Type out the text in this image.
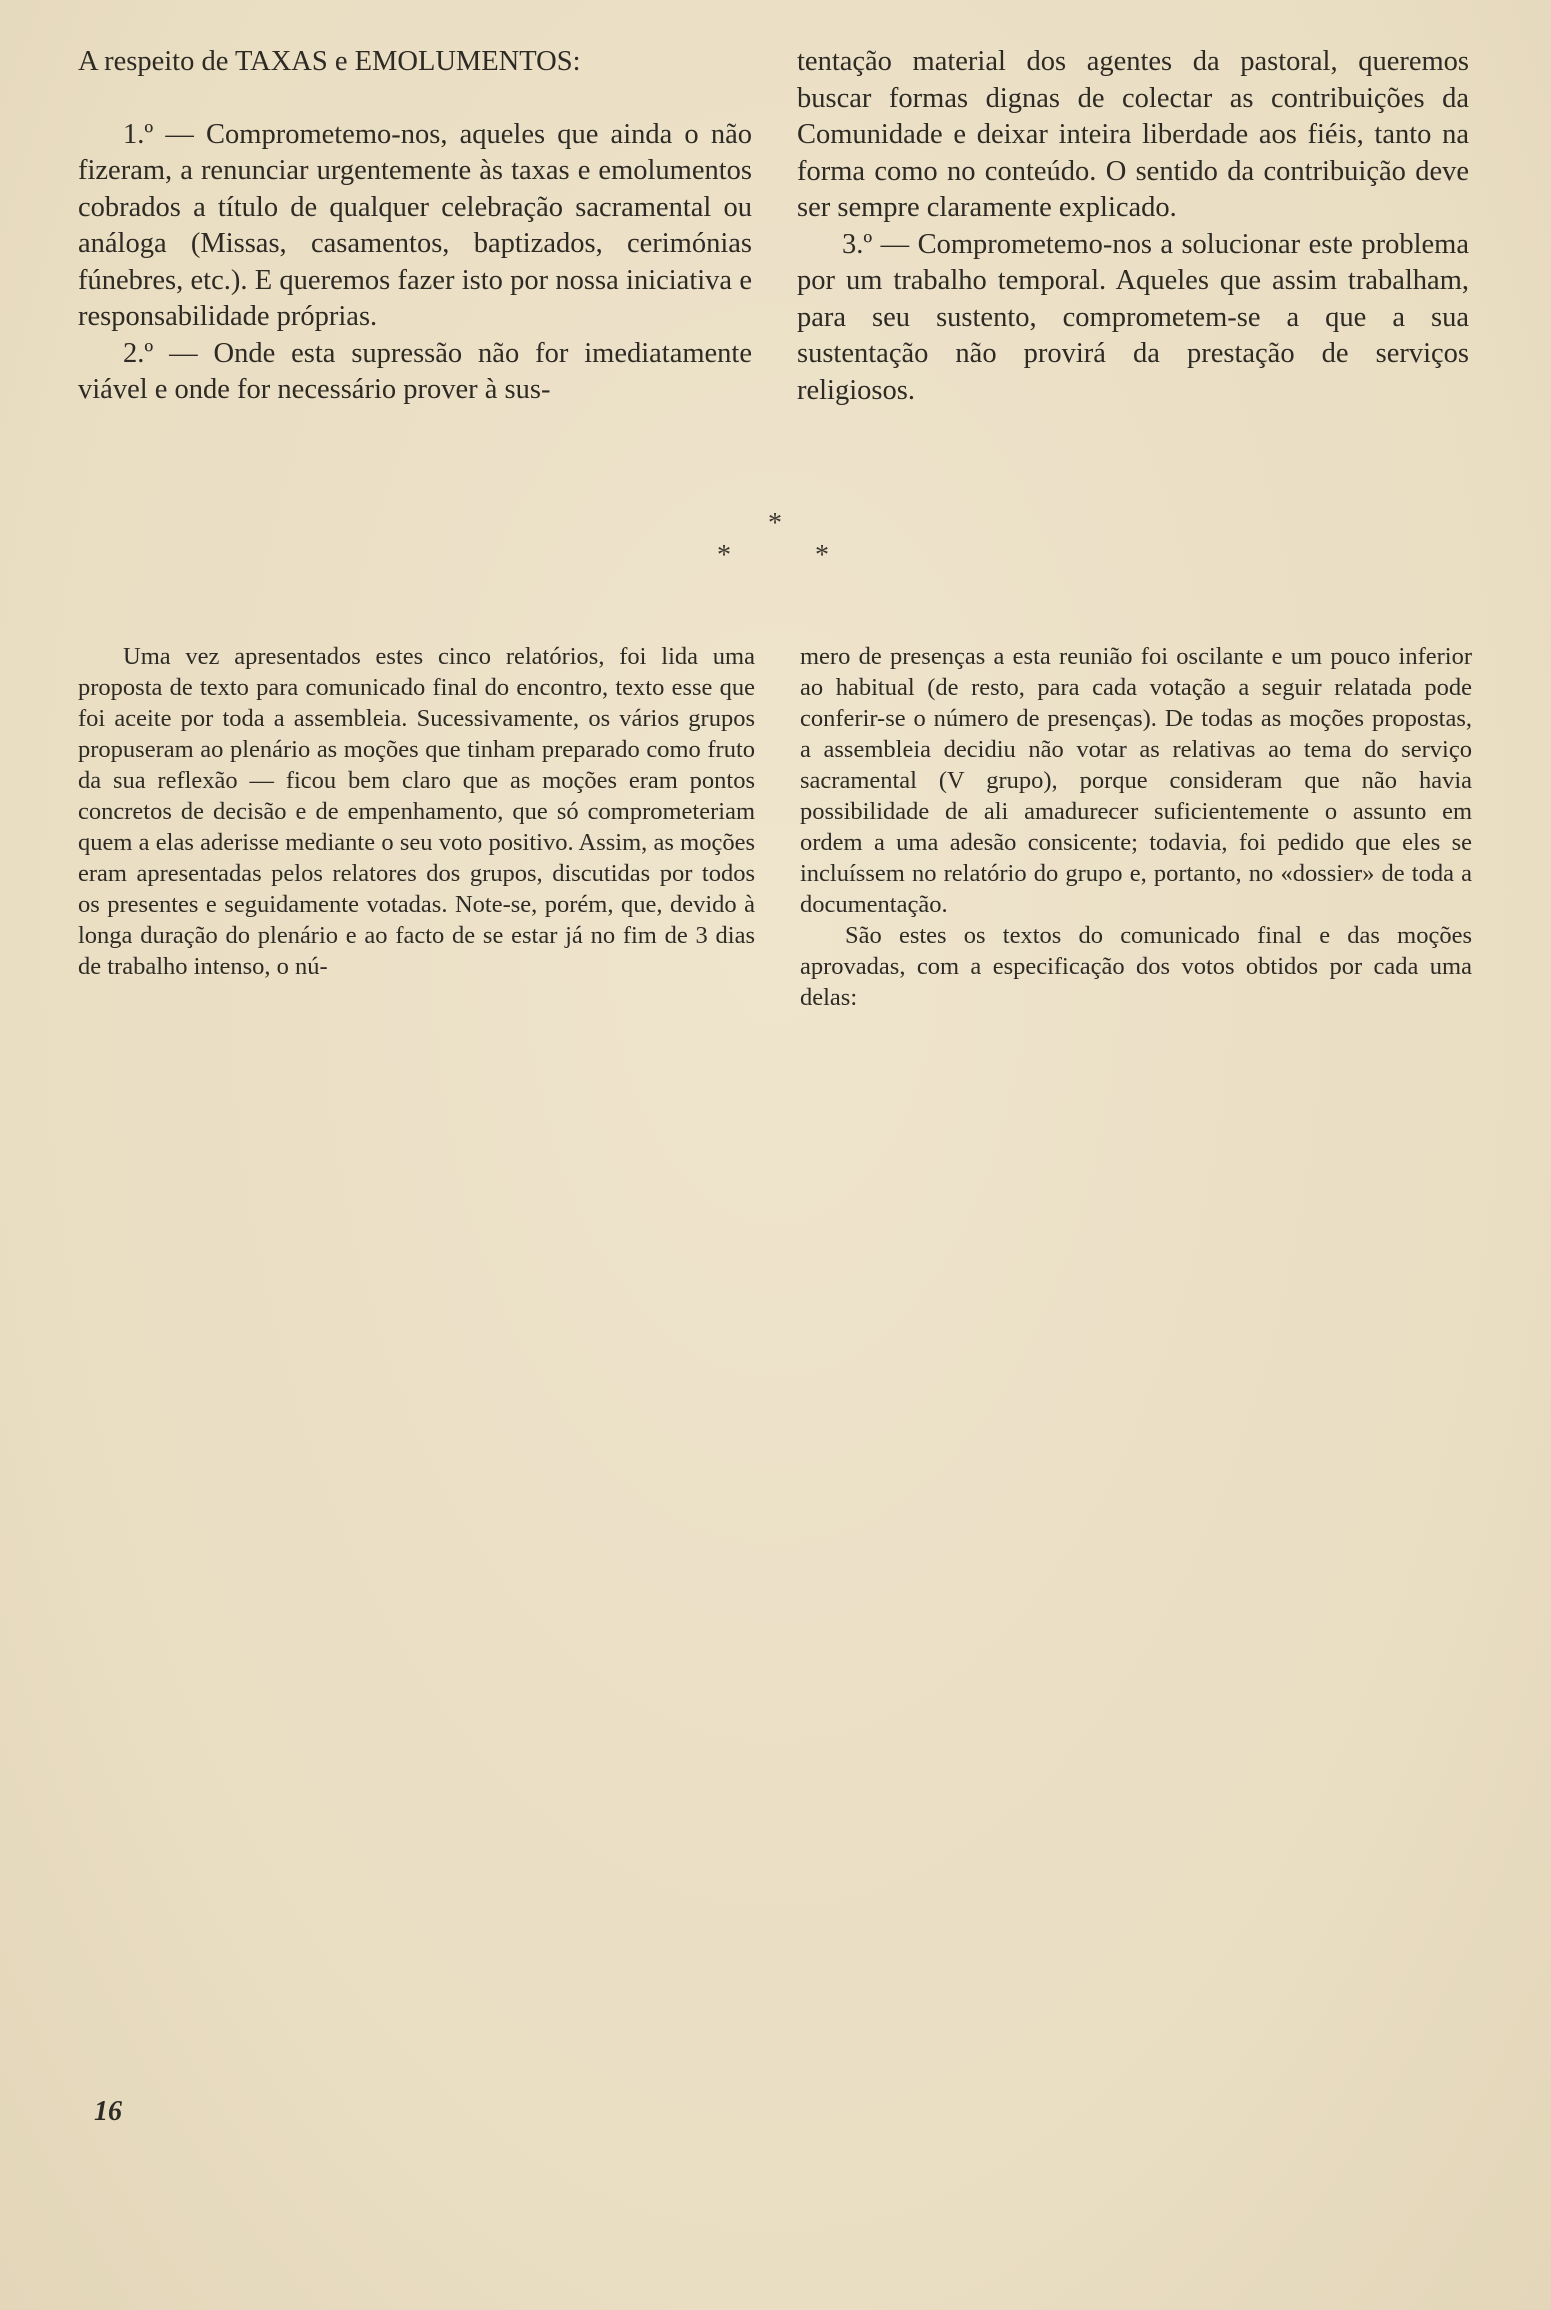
A respeito de TAXAS e EMOLUMENTOS:

1.º — Comprometemo-nos, aqueles que ainda o não fizeram, a renunciar urgentemente às taxas e emolumentos cobrados a título de qualquer celebração sacramental ou análoga (Missas, casamentos, baptizados, cerimónias fúnebres, etc.). E queremos fazer isto por nossa iniciativa e responsabilidade próprias.

2.º — Onde esta supressão não for imediatamente viável e onde for necessário prover à sus-

tentação material dos agentes da pastoral, queremos buscar formas dignas de colectar as contribuições da Comunidade e deixar inteira liberdade aos fiéis, tanto na forma como no conteúdo. O sentido da contribuição deve ser sempre claramente explicado.

3.º — Comprometemo-nos a solucionar este problema por um trabalho temporal. Aqueles que assim trabalham, para seu sustento, comprometem-se a que a sua sustentação não provirá da prestação de serviços religiosos.

*
*	*

Uma vez apresentados estes cinco relatórios, foi lida uma proposta de texto para comunicado final do encontro, texto esse que foi aceite por toda a assembleia. Sucessivamente, os vários grupos propuseram ao plenário as moções que tinham preparado como fruto da sua reflexão — ficou bem claro que as moções eram pontos concretos de decisão e de empenhamento, que só comprometeriam quem a elas aderisse mediante o seu voto positivo. Assim, as moções eram apresentadas pelos relatores dos grupos, discutidas por todos os presentes e seguidamente votadas. Note-se, porém, que, devido à longa duração do plenário e ao facto de se estar já no fim de 3 dias de trabalho intenso, o nú-

mero de presenças a esta reunião foi oscilante e um pouco inferior ao habitual (de resto, para cada votação a seguir relatada pode conferir-se o número de presenças). De todas as moções propostas, a assembleia decidiu não votar as relativas ao tema do serviço sacramental (V grupo), porque consideram que não havia possibilidade de ali amadurecer suficientemente o assunto em ordem a uma adesão consicente; todavia, foi pedido que eles se incluíssem no relatório do grupo e, portanto, no «dossier» de toda a documentação.

São estes os textos do comunicado final e das moções aprovadas, com a especificação dos votos obtidos por cada uma delas:

16
